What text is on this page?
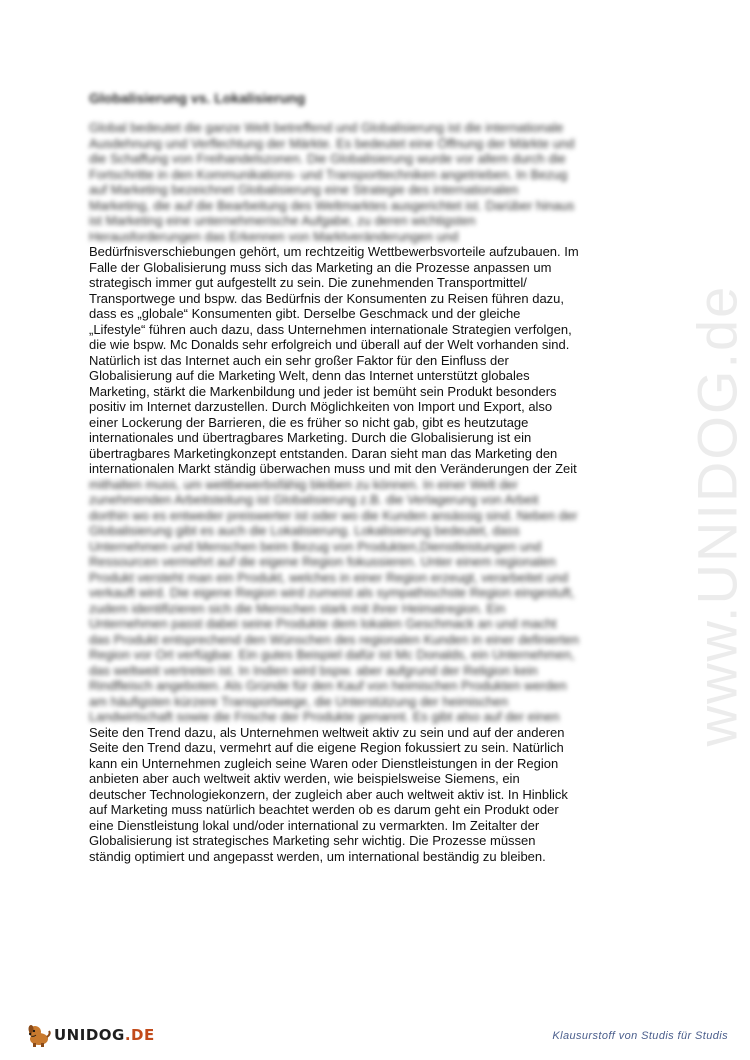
www.UNIDOG.de
Globalisierung vs. Lokalisierung
Global bedeutet die ganze Welt betreffend und Globalisierung ist die internationale
Ausdehnung und Verflechtung der Märkte. Es bedeutet eine Öffnung der Märkte und
die Schaffung von Freihandelszonen. Die Globalisierung wurde vor allem durch die
Fortschritte in den Kommunikations- und Transporttechniken angetrieben. In Bezug
auf Marketing bezeichnet Globalisierung eine Strategie des internationalen
Marketing, die auf die Bearbeitung des Weltmarktes ausgerichtet ist. Darüber hinaus
ist Marketing eine unternehmerische Aufgabe, zu deren wichtigsten
Herausforderungen das Erkennen von Marktveränderungen und
Bedürfnisverschiebungen gehört, um rechtzeitig Wettbewerbsvorteile aufzubauen. Im
Falle der Globalisierung muss sich das Marketing an die Prozesse anpassen um
strategisch immer gut aufgestellt zu sein. Die zunehmenden Transportmittel/
Transportwege und bspw. das Bedürfnis der Konsumenten zu Reisen führen dazu,
dass es „globale“ Konsumenten gibt. Derselbe Geschmack und der gleiche
„Lifestyle“ führen auch dazu, dass Unternehmen internationale Strategien verfolgen,
die wie bspw. Mc Donalds sehr erfolgreich und überall auf der Welt vorhanden sind.
Natürlich ist das Internet auch ein sehr großer Faktor für den Einfluss der
Globalisierung auf die Marketing Welt, denn das Internet unterstützt globales
Marketing, stärkt die Markenbildung und jeder ist bemüht sein Produkt besonders
positiv im Internet darzustellen. Durch Möglichkeiten von Import und Export, also
einer Lockerung der Barrieren, die es früher so nicht gab, gibt es heutzutage
internationales und übertragbares Marketing. Durch die Globalisierung ist ein
übertragbares Marketingkonzept entstanden. Daran sieht man das Marketing den
internationalen Markt ständig überwachen muss und mit den Veränderungen der Zeit
mithalten muss, um wettbewerbsfähig bleiben zu können. In einer Welt der
zunehmenden Arbeitsteilung ist Globalisierung z.B. die Verlagerung von Arbeit
dorthin wo es entweder preiswerter ist oder wo die Kunden ansässig sind. Neben der
Globalisierung gibt es auch die Lokalisierung. Lokalisierung bedeutet, dass
Unternehmen und Menschen beim Bezug von Produkten,Dienstleistungen und
Ressourcen vermehrt auf die eigene Region fokussieren. Unter einem regionalen
Produkt versteht man ein Produkt, welches in einer Region erzeugt, verarbeitet und
verkauft wird. Die eigene Region wird zumeist als sympathischste Region eingestuft,
zudem identifizieren sich die Menschen stark mit ihrer Heimatregion. Ein
Unternehmen passt dabei seine Produkte dem lokalen Geschmack an und macht
das Produkt entsprechend den Wünschen des regionalen Kunden in einer definierten
Region vor Ort verfügbar. Ein gutes Beispiel dafür ist Mc Donalds, ein Unternehmen,
das weltweit vertreten ist. In Indien wird bspw. aber aufgrund der Religion kein
Rindfleisch angeboten. Als Gründe für den Kauf von heimischen Produkten werden
am häufigsten kürzere Transportwege, die Unterstützung der heimischen
Landwirtschaft sowie die Frische der Produkte genannt. Es gibt also auf der einen
Seite den Trend dazu, als Unternehmen weltweit aktiv zu sein und auf der anderen
Seite den Trend dazu, vermehrt auf die eigene Region fokussiert zu sein. Natürlich
kann ein Unternehmen zugleich seine Waren oder Dienstleistungen in der Region
anbieten aber auch weltweit aktiv werden, wie beispielsweise Siemens, ein
deutscher Technologiekonzern, der zugleich aber auch weltweit aktiv ist. In Hinblick
auf Marketing muss natürlich beachtet werden ob es darum geht ein Produkt oder
eine Dienstleistung lokal und/oder international zu vermarkten. Im Zeitalter der
Globalisierung ist strategisches Marketing sehr wichtig. Die Prozesse müssen
ständig optimiert und angepasst werden, um international beständig zu bleiben.
UNIDOG.DE	Klausurstoff von Studis für Studis
